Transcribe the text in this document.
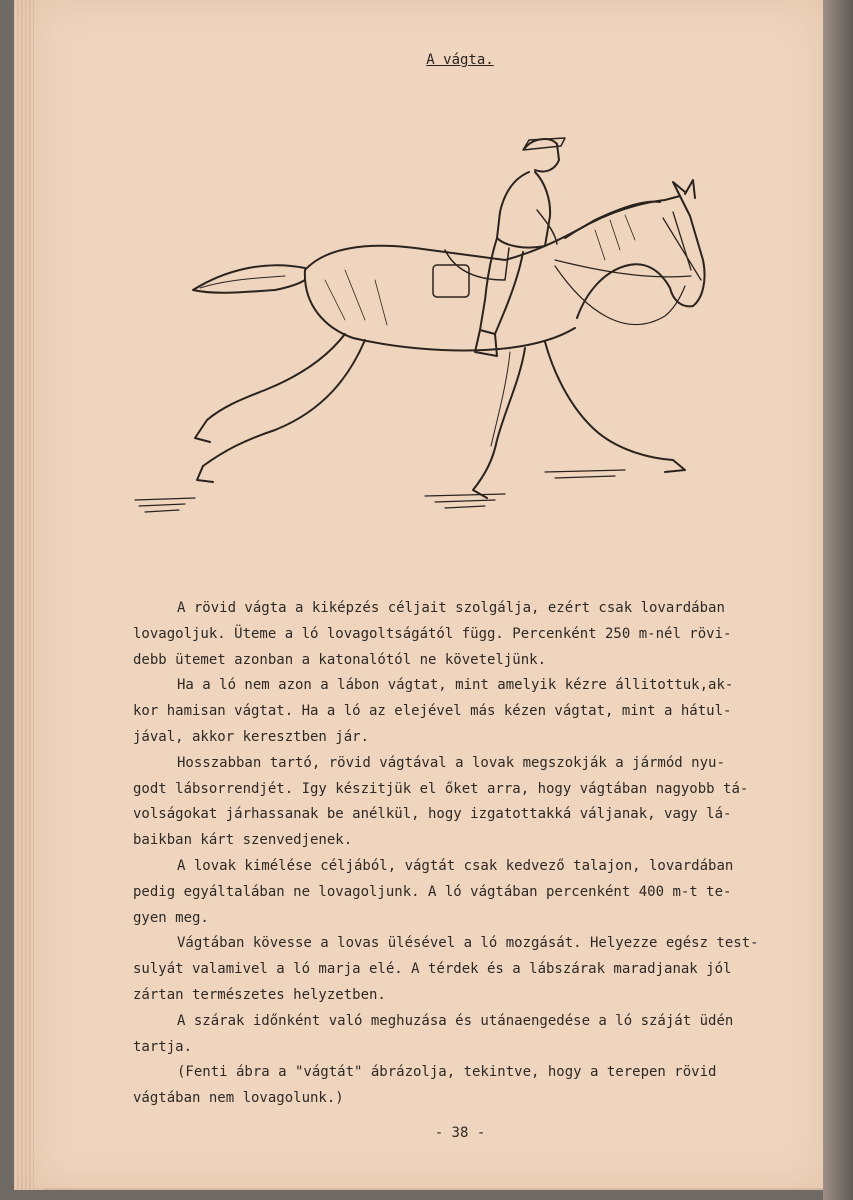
A vágta.

A rövid vágta a kiképzés céljait szolgálja, ezért csak lovardában
lovagoljuk. Üteme a ló lovagoltságától függ. Percenként 250 m-nél rövi-
debb ütemet azonban a katonalótól ne követeljünk.

Ha a ló nem azon a lábon vágtat, mint amelyik kézre állitottuk,ak-
kor hamisan vágtat. Ha a ló az elejével más kézen vágtat, mint a hátul-
jával, akkor keresztben jár.

Hosszabban tartó, rövid vágtával a lovak megszokják a jármód nyu-
godt lábsorrendjét. Igy készitjük el őket arra, hogy vágtában nagyobb tá-
volságokat járhassanak be anélkül, hogy izgatottakká váljanak, vagy lá-
baikban kárt szenvedjenek.

A lovak kimélése céljából, vágtát csak kedvező talajon, lovardában
pedig egyáltalában ne lovagoljunk. A ló vágtában percenként 400 m-t te-
gyen meg.

Vágtában kövesse a lovas ülésével a ló mozgását. Helyezze egész test-
sulyát valamivel a ló marja elé. A térdek és a lábszárak maradjanak jól
zártan természetes helyzetben.

A szárak időnként való meghuzása és utánaengedése a ló száját üdén
tartja.

(Fenti ábra a "vágtát" ábrázolja, tekintve, hogy a terepen rövid
vágtában nem lovagolunk.)

- 38 -
